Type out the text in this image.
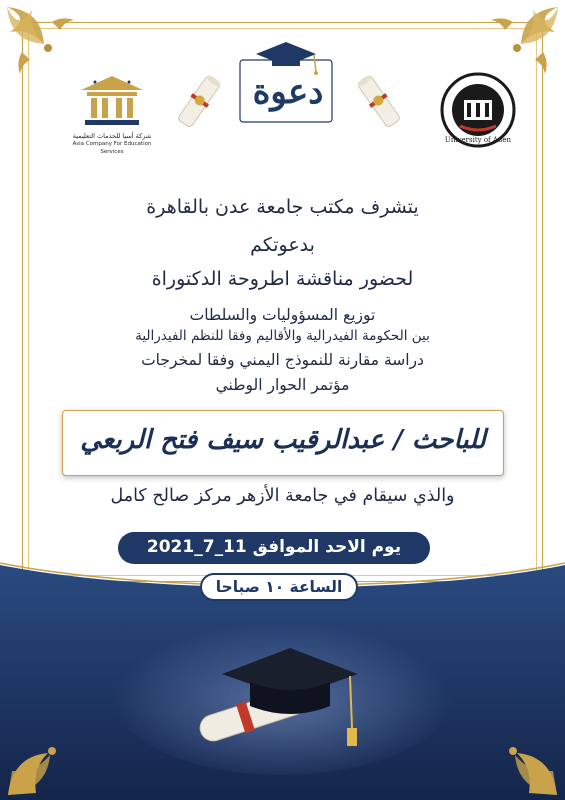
شركة أسيا للخدمات التعليمية
Asia Company For Education Services
University of Aden
دعوة
يتشرف مكتب جامعة عدن بالقاهرة
بدعوتكم
لحضور مناقشة اطروحة الدكتوراة
توزيع المسؤوليات والسلطات
بين الحكومة الفيدرالية والأقاليم وفقا للنظم الفيدرالية
دراسة مقارنة للنموذج اليمني وفقا لمخرجات
مؤتمر الحوار الوطني
للباحث / عبدالرقيب سيف فتح الربعي
والذي سيقام في جامعة الأزهر مركز صالح كامل
يوم الاحد الموافق 11_7_2021
الساعة ١٠ صباحا
